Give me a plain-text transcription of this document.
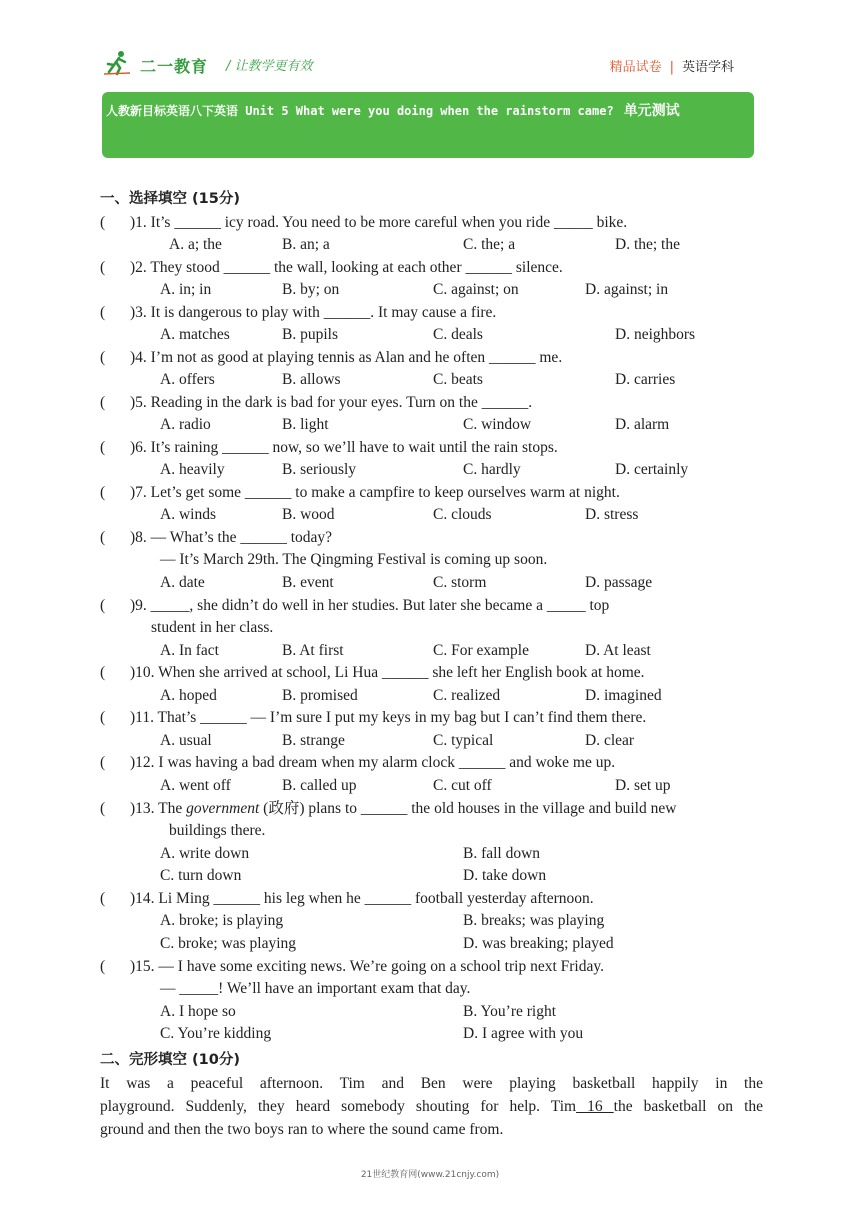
二一教育 / 让教学更有效	精品试卷 | 英语学科
人教新目标英语八下英语 Unit 5 What were you doing when the rainstorm came? 单元测试
一、选择填空 (15分)
( )1. It’s ______ icy road. You need to be more careful when you ride _____ bike.
A. a; the	B. an; a	C. the; a	D. the; the
( )2. They stood ______ the wall, looking at each other ______ silence.
A. in; in	B. by; on	C. against; on	D. against; in
( )3. It is dangerous to play with ______. It may cause a fire.
A. matches	B. pupils	C. deals	D. neighbors
( )4. I’m not as good at playing tennis as Alan and he often ______ me.
A. offers	B. allows	C. beats	D. carries
( )5. Reading in the dark is bad for your eyes. Turn on the ______.
A. radio	B. light	C. window	D. alarm
( )6. It’s raining ______ now, so we’ll have to wait until the rain stops.
A. heavily	B. seriously	C. hardly	D. certainly
( )7. Let’s get some ______ to make a campfire to keep ourselves warm at night.
A. winds	B. wood	C. clouds	D. stress
( )8. — What’s the ______ today?
— It’s March 29th. The Qingming Festival is coming up soon.
A. date	B. event	C. storm	D. passage
( )9. _____, she didn’t do well in her studies. But later she became a _____ top
student in her class.
A. In fact	B. At first	C. For example	D. At least
( )10. When she arrived at school, Li Hua ______ she left her English book at home.
A. hoped	B. promised	C. realized	D. imagined
( )11. That’s ______ — I’m sure I put my keys in my bag but I can’t find them there.
A. usual	B. strange	C. typical	D. clear
( )12. I was having a bad dream when my alarm clock ______ and woke me up.
A. went off	B. called up	C. cut off	D. set up
( )13. The government (政府) plans to ______ the old houses in the village and build new
buildings there.
A. write down	B. fall down
C. turn down	D. take down
( )14. Li Ming ______ his leg when he ______ football yesterday afternoon.
A. broke; is playing	B. breaks; was playing
C. broke; was playing	D. was breaking; played
( )15. — I have some exciting news. We’re going on a school trip next Friday.
— _____! We’ll have an important exam that day.
A. I hope so	B. You’re right
C. You’re kidding	D. I agree with you
二、完形填空 (10分)
It was a peaceful afternoon. Tim and Ben were playing basketball happily in the
playground. Suddenly, they heard somebody shouting for help. Tim 16 the basketball on the
ground and then the two boys ran to where the sound came from.
21世纪教育网(www.21cnjy.com)
